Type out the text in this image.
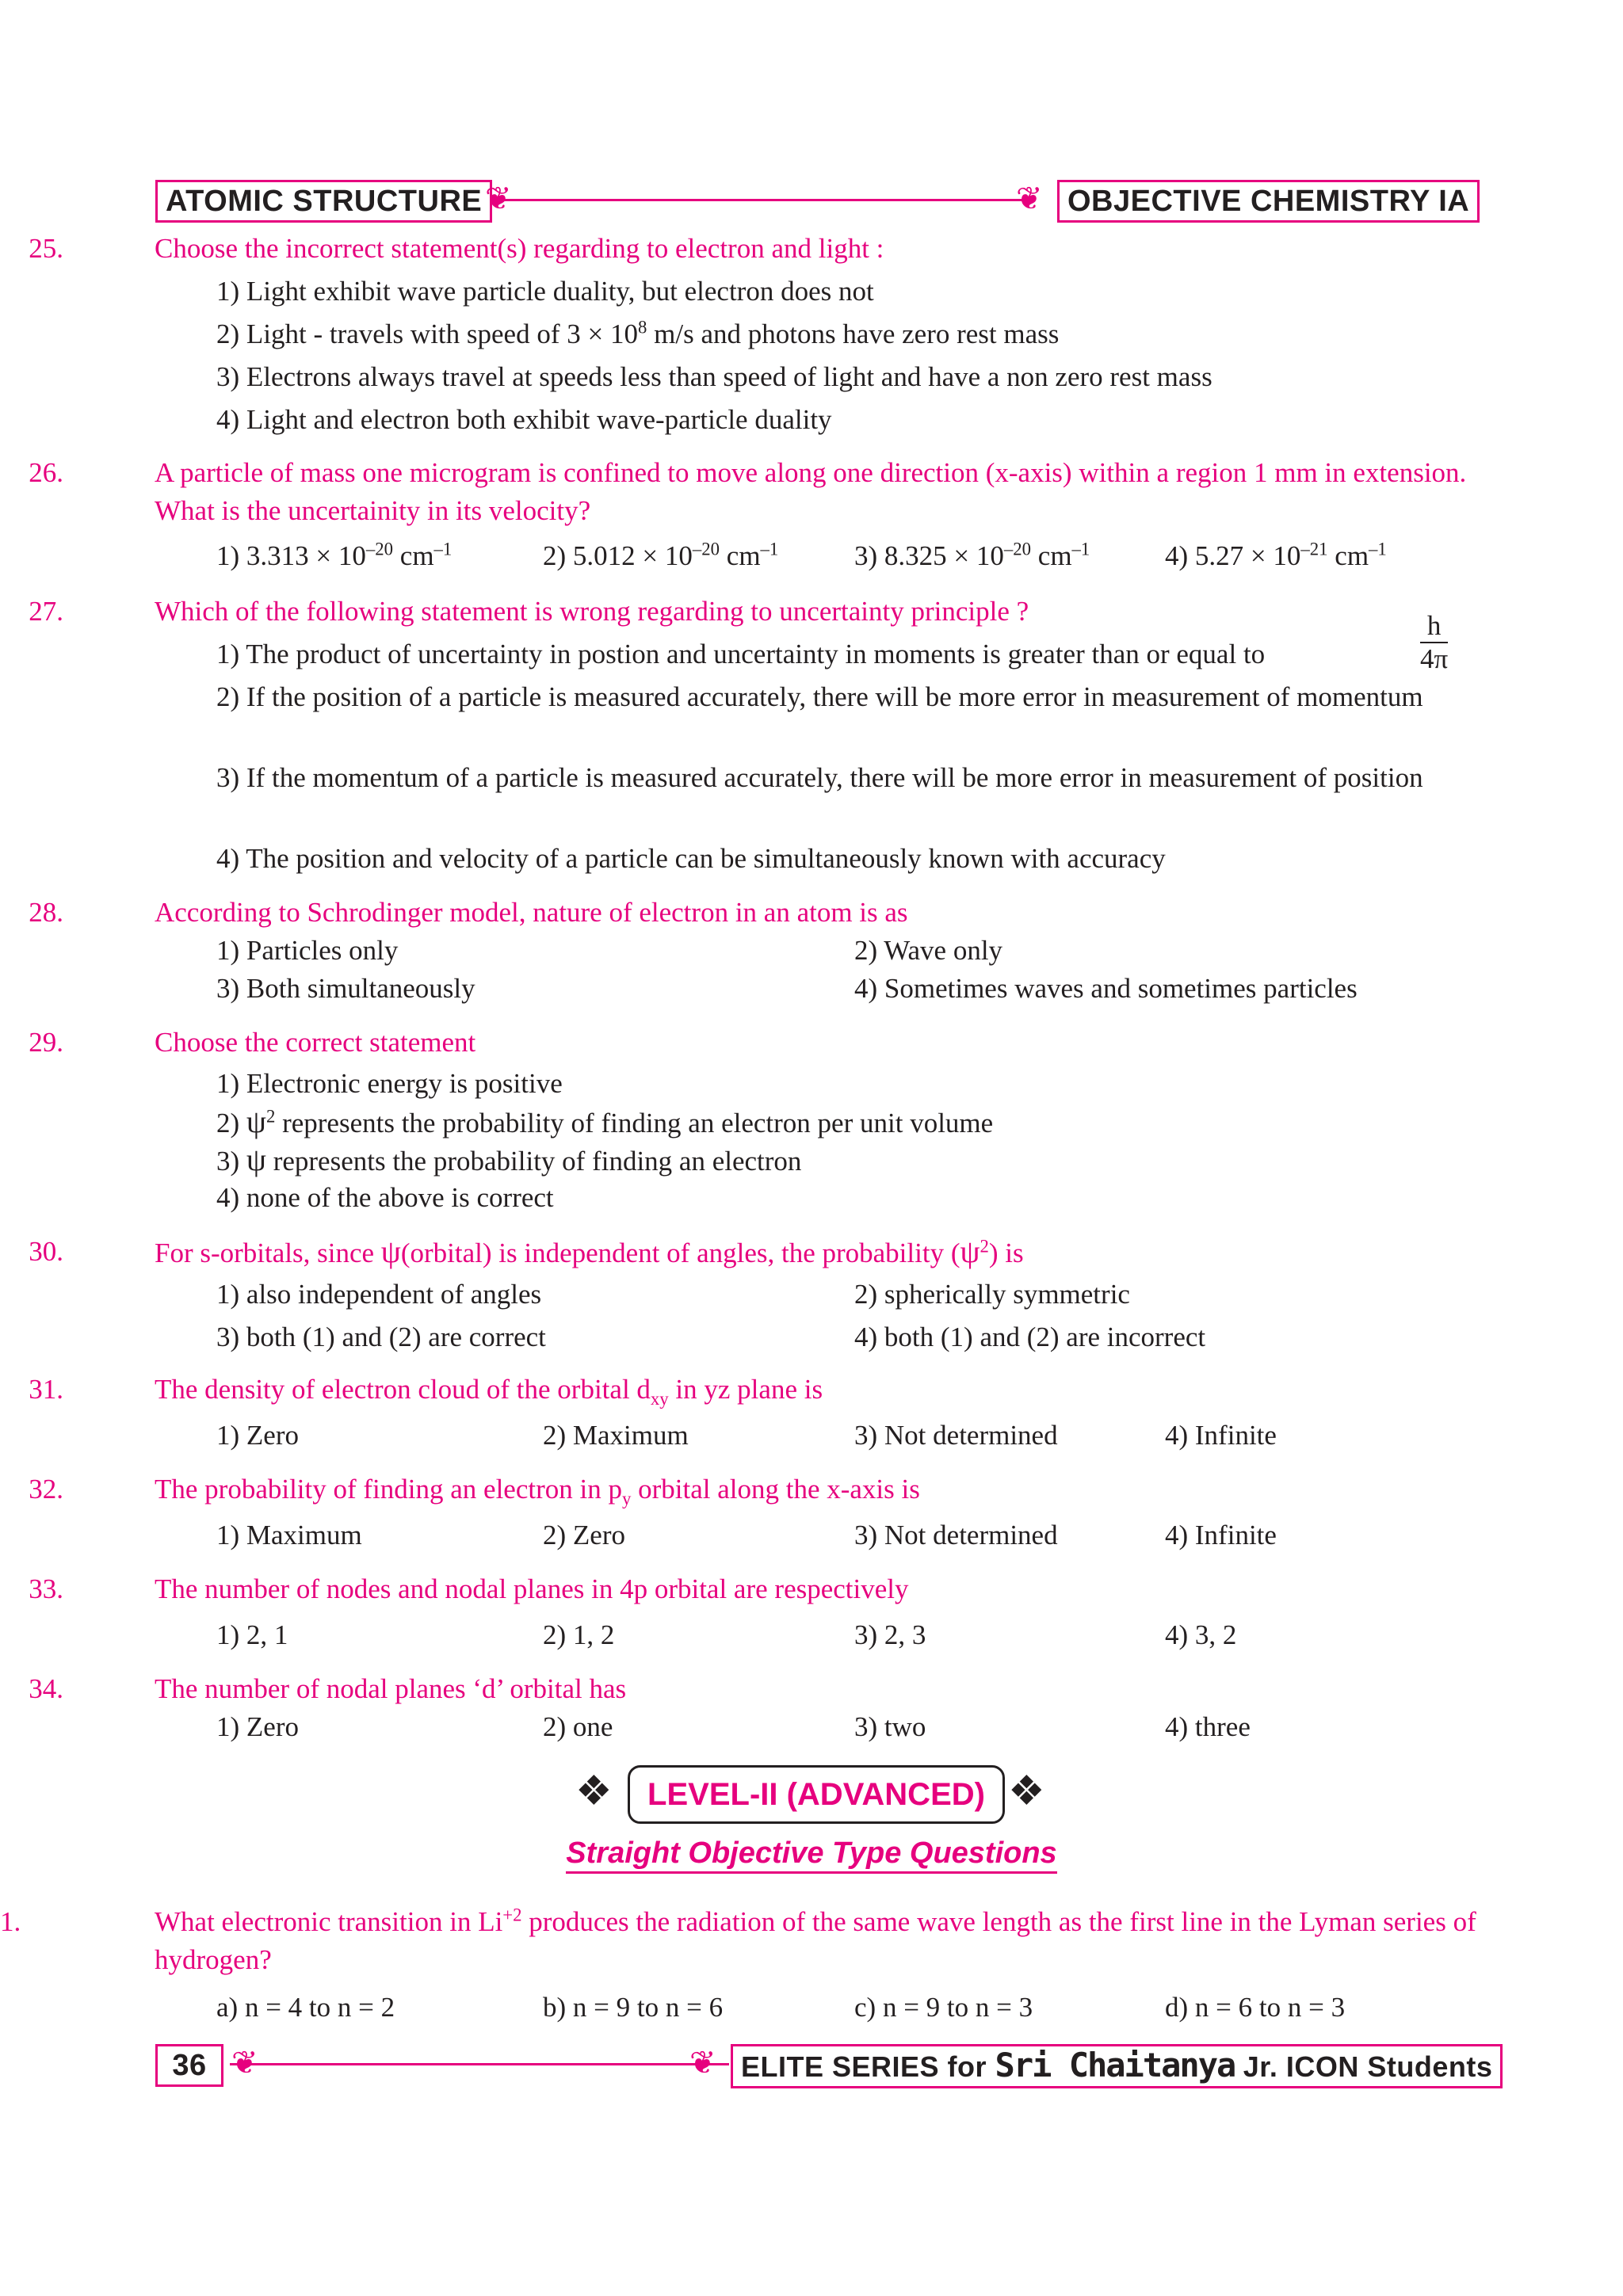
ATOMIC STRUCTURE ❦	❦ OBJECTIVE CHEMISTRY IA
25.	Choose the incorrect statement(s) regarding to electron and light :
1) Light exhibit wave particle duality, but electron does not
2) Light - travels with speed of $3 \times 10^8$ m/s and photons have zero rest mass
3) Electrons always travel at speeds less than speed of light and have a non zero rest mass
4) Light and electron both exhibit wave-particle duality
26.	A particle of mass one microgram is confined to move along one direction (x-axis) within a region 1 mm in extension. What is the uncertainity in its velocity?
1) $3.313 \times 10^{-20}$ $cm^{-1}$	2) $5.012 \times 10^{-20}$ $cm^{-1}$	3) $8.325 \times 10^{-20}$ $cm^{-1}$	4) $5.27 \times 10^{-21}$ $cm^{-1}$
27.	Which of the following statement is wrong regarding to uncertainty principle ?
1) The product of uncertainty in postion and uncertainty in moments is greater than or equal to	$\frac{h}{4\pi}$
2) If the position of a particle is measured accurately, there will be more error in measurement of momentum
3) If the momentum of a particle is measured accurately, there will be more error in measurement of position
4) The position and velocity of a particle can be simultaneously known with accuracy
28.	According to Schrodinger model, nature of electron in an atom is as
1) Particles only	2) Wave only
3) Both simultaneously	4) Sometimes waves and sometimes particles
29.	Choose the correct statement
1) Electronic energy is positive
2) $\psi^2$ represents the probability of finding an electron per unit volume
3) ψ represents the probability of finding an electron
4) none of the above is correct
30.	For s-orbitals, since ψ(orbital) is independent of angles, the probability $(\psi^2)$ is
1) also independent of angles	2) spherically symmetric
3) both (1) and (2) are correct	4) both (1) and (2) are incorrect
31.	The density of electron cloud of the orbital $d_{xy}$ in yz plane is
1) Zero	2) Maximum	3) Not determined	4) Infinite
32.	The probability of finding an electron in $p_y$ orbital along the x-axis is
1) Maximum	2) Zero	3) Not determined	4) Infinite
33.	The number of nodes and nodal planes in 4p orbital are respectively
1) 2, 1	2) 1, 2	3) 2, 3	4) 3, 2
34.	The number of nodal planes ‘d’ orbital has
1) Zero	2) one	3) two	4) three
❖	LEVEL-II (ADVANCED) ❖
Straight Objective Type Questions
1.	What electronic transition in $Li^{+2}$ produces the radiation of the same wave length as the first line in the Lyman series of hydrogen?
a) n = 4 to n = 2	b) n = 9 to n = 6	c) n = 9 to n = 3	d) n = 6 to n = 3
36 ❦	❦ ELITE SERIES for Sri Chaitanya Jr. ICON Students
